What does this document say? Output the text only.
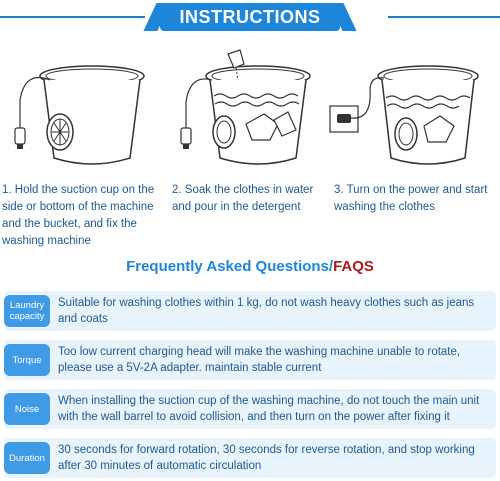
INSTRUCTIONS
1. Hold the suction cup on the side or bottom of the machine and the bucket, and fix the washing machine
2. Soak the clothes in water and pour in the detergent
3. Turn on the power and start washing the clothes
Frequently Asked Questions/FAQS
Laundry capacity
Suitable for washing clothes within 1 kg, do not wash heavy clothes such as jeans and coats
Torque
Too low current charging head will make the washing machine unable to rotate, please use a 5V-2A adapter. maintain stable current
Noise
When installing the suction cup of the washing machine, do not touch the main unit with the wall barrel to avoid collision, and then turn on the power after fixing it
Duration
30 seconds for forward rotation, 30 seconds for reverse rotation, and stop working after 30 minutes of automatic circulation
